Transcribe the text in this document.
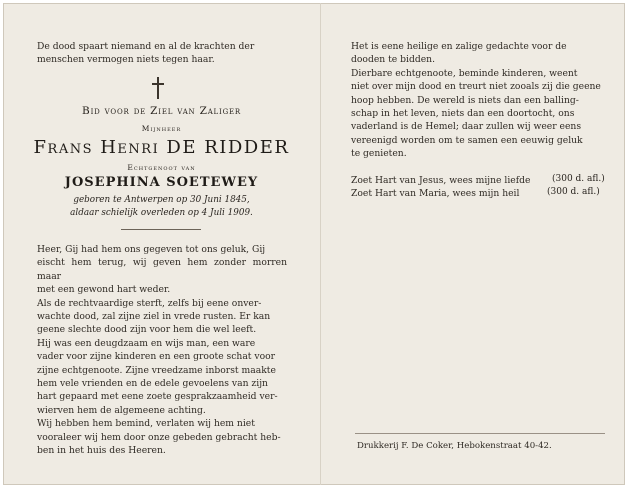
De dood spaart niemand en al de krachten der
menschen vermogen niets tegen haar.
Bid voor de Ziel van Zaliger
Mijnheer
Frans Henri DE RIDDER
Echtgenoot van
JOSEPHINA SOETEWEY
geboren te Antwerpen op 30 Juni 1845,
aldaar schielijk overleden op 4 Juli 1909.
Heer, Gij had hem ons gegeven tot ons geluk, Gij
eischt hem terug, wij geven hem zonder morren maar
met een gewond hart weder.
Als de rechtvaardige sterft, zelfs bij eene onver-
wachte dood, zal zijne ziel in vrede rusten. Er kan
geene slechte dood zijn voor hem die wel leeft.
Hij was een deugdzaam en wijs man, een ware
vader voor zijne kinderen en een groote schat voor
zijne echtgenoote. Zijne vreedzame inborst maakte
hem vele vrienden en de edele gevoelens van zijn
hart gepaard met eene zoete gesprakzaamheid ver-
wierven hem de algemeene achting.
Wij hebben hem bemind, verlaten wij hem niet
vooraleer wij hem door onze gebeden gebracht heb-
ben in het huis des Heeren.
Het is eene heilige en zalige gedachte voor de
dooden te bidden.
Dierbare echtgenoote, beminde kinderen, weent
niet over mijn dood en treurt niet zooals zij die geene
hoop hebben. De wereld is niets dan een balling-
schap in het leven, niets dan een doortocht, ons
vaderland is de Hemel; daar zullen wij weer eens
vereenigd worden om te samen een eeuwig geluk
te genieten.
Zoet Hart van Jesus, wees mijne liefde	(300 d. afl.)
Zoet Hart van Maria, wees mijn heil	(300 d. afl.)
Drukkerij F. De Coker, Hebokenstraat 40-42.
